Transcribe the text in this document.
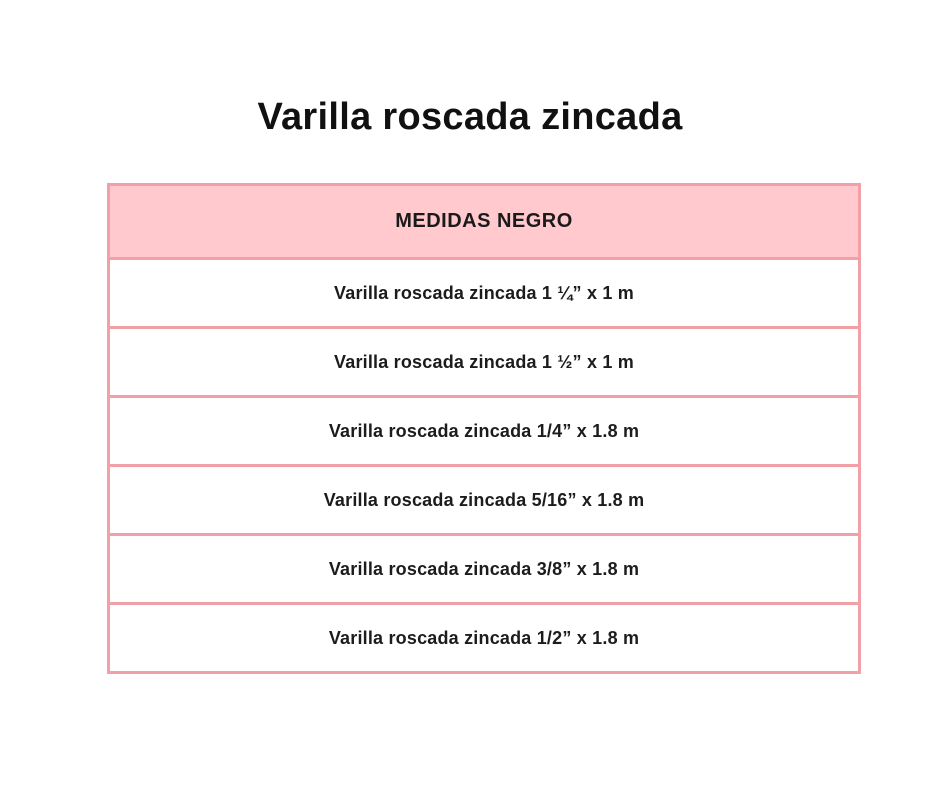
Varilla roscada zincada
MEDIDAS NEGRO
Varilla roscada zincada 1 ¼” x 1 m
Varilla roscada zincada 1 ½” x 1 m
Varilla roscada zincada 1/4” x 1.8 m
Varilla roscada zincada 5/16” x 1.8 m
Varilla roscada zincada 3/8” x 1.8 m
Varilla roscada zincada 1/2” x 1.8 m
